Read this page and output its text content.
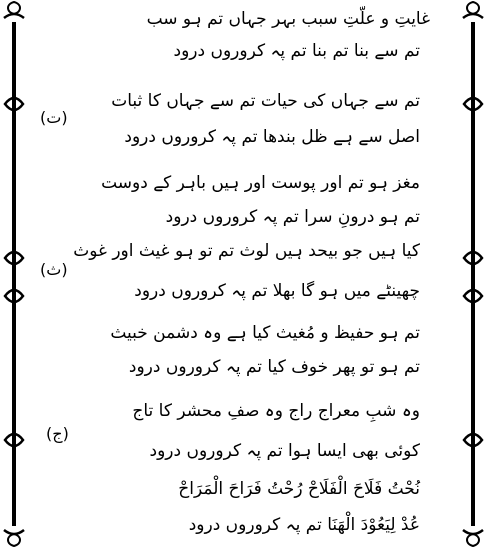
غایتِ و علّتِ سبب بہر جہاں تم ہو سب
تم سے بنا تم بنا تم پہ کروروں درود
تم سے جہاں کی حیات تم سے جہاں کا ثبات
(ت)
اصل سے ہے ظل بندھا تم پہ کروروں درود
مغز ہو تم اور پوست اور ہیں باہر کے دوست
تم ہو درونِ سرا تم پہ کروروں درود
کیا ہیں جو بیحد ہیں لوث تم تو ہو غیث اور غوث
(ث)
چھینٹے میں ہو گا بھلا تم پہ کروروں درود
تم ہو حفیظ و مُغیث کیا ہے وہ دشمن خبیث
تم ہو تو پھر خوف کیا تم پہ کروروں درود
وہ شبِ معراج راج وہ صفِ محشر کا تاج
(ج)
کوئی بھی ایسا ہوا تم پہ کروروں درود
نُحْتُ فَلَاحَ الْفَلَاحْ رُحْتُ فَرَاحَ الْمَرَاحْ
عُدْ لِیَعُوْدَ الْھَنَا تم پہ کروروں درود
